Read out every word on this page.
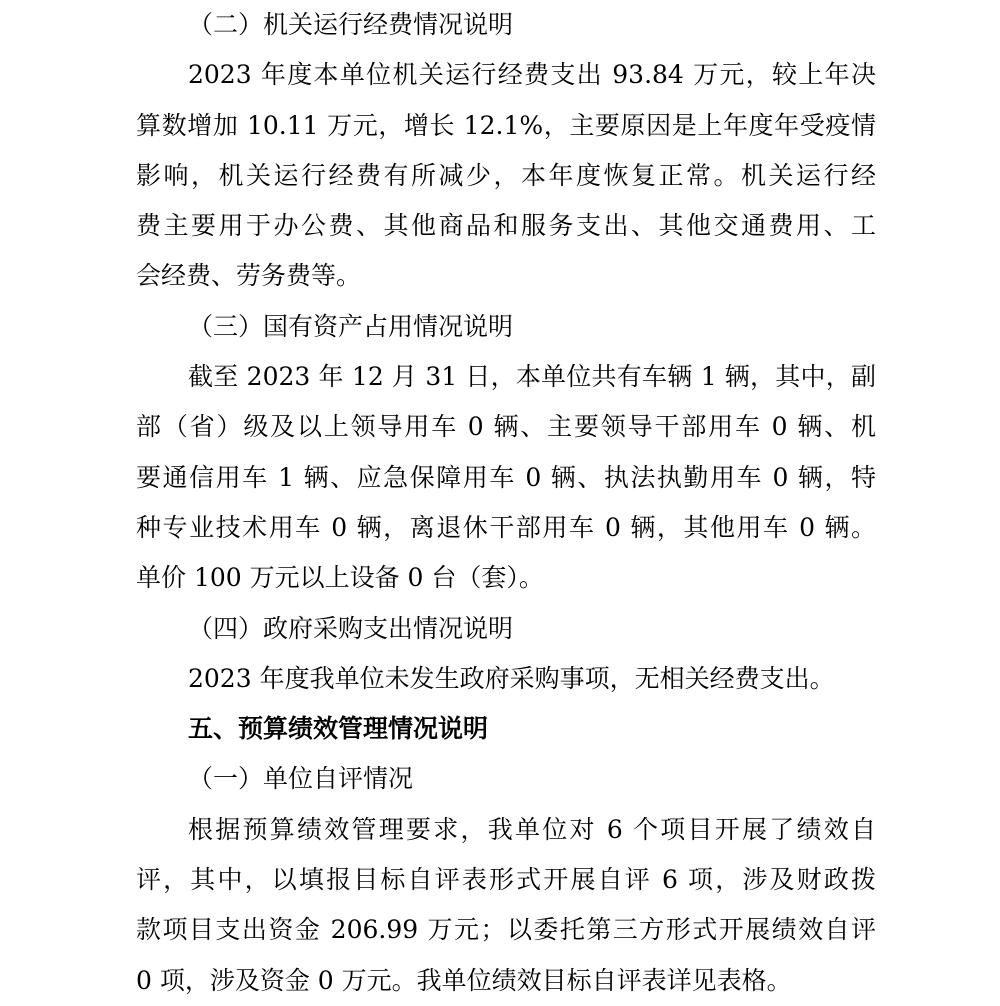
（二）机关运行经费情况说明
2023 年度本单位机关运行经费支出 93.84 万元，较上年决
算数增加 10.11 万元，增长 12.1%，主要原因是上年度年受疫情
影响，机关运行经费有所减少，本年度恢复正常。机关运行经
费主要用于办公费、其他商品和服务支出、其他交通费用、工
会经费、劳务费等。
（三）国有资产占用情况说明
截至 2023 年 12 月 31 日，本单位共有车辆 1 辆，其中，副
部（省）级及以上领导用车 0 辆、主要领导干部用车 0 辆、机
要通信用车 1 辆、应急保障用车 0 辆、执法执勤用车 0 辆，特
种专业技术用车 0 辆，离退休干部用车 0 辆，其他用车 0 辆。
单价 100 万元以上设备 0 台（套）。
（四）政府采购支出情况说明
2023 年度我单位未发生政府采购事项，无相关经费支出。
五、预算绩效管理情况说明
（一）单位自评情况
根据预算绩效管理要求，我单位对 6 个项目开展了绩效自
评，其中，以填报目标自评表形式开展自评 6 项，涉及财政拨
款项目支出资金 206.99 万元；以委托第三方形式开展绩效自评
0 项，涉及资金 0 万元。我单位绩效目标自评表详见表格。
